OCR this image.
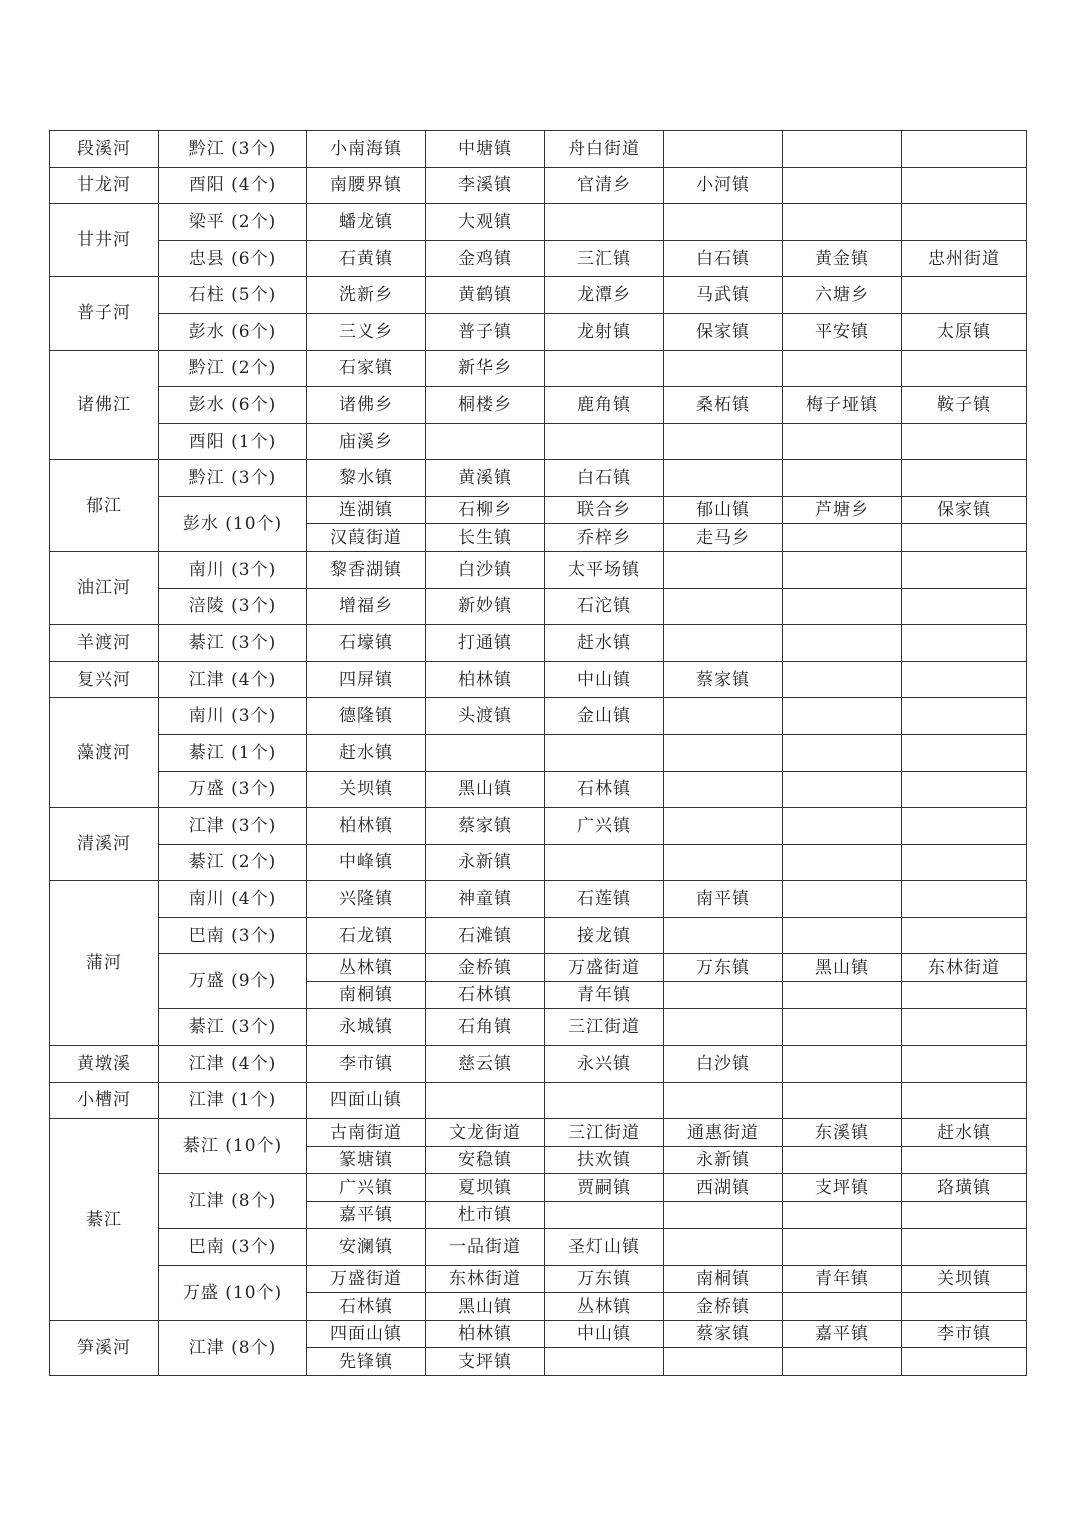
段溪河	黔江 (3个)	小南海镇	中塘镇	舟白街道			
甘龙河	酉阳 (4个)	南腰界镇	李溪镇	官清乡	小河镇		
甘井河	梁平 (2个)	蟠龙镇	大观镇				
	忠县 (6个)	石黄镇	金鸡镇	三汇镇	白石镇	黄金镇	忠州街道
普子河	石柱 (5个)	洗新乡	黄鹤镇	龙潭乡	马武镇	六塘乡	
	彭水 (6个)	三义乡	普子镇	龙射镇	保家镇	平安镇	太原镇
诸佛江	黔江 (2个)	石家镇	新华乡				
	彭水 (6个)	诸佛乡	桐楼乡	鹿角镇	桑柘镇	梅子垭镇	鞍子镇
	酉阳 (1个)	庙溪乡					
郁江	黔江 (3个)	黎水镇	黄溪镇	白石镇			
	彭水 (10个)	连湖镇	石柳乡	联合乡	郁山镇	芦塘乡	保家镇
		汉葭街道	长生镇	乔梓乡	走马乡		
油江河	南川 (3个)	黎香湖镇	白沙镇	太平场镇			
	涪陵 (3个)	增福乡	新妙镇	石沱镇			
羊渡河	綦江 (3个)	石壕镇	打通镇	赶水镇			
复兴河	江津 (4个)	四屏镇	柏林镇	中山镇	蔡家镇		
藻渡河	南川 (3个)	德隆镇	头渡镇	金山镇			
	綦江 (1个)	赶水镇					
	万盛 (3个)	关坝镇	黑山镇	石林镇			
清溪河	江津 (3个)	柏林镇	蔡家镇	广兴镇			
	綦江 (2个)	中峰镇	永新镇				
蒲河	南川 (4个)	兴隆镇	神童镇	石莲镇	南平镇		
	巴南 (3个)	石龙镇	石滩镇	接龙镇			
	万盛 (9个)	丛林镇	金桥镇	万盛街道	万东镇	黑山镇	东林街道
		南桐镇	石林镇	青年镇			
	綦江 (3个)	永城镇	石角镇	三江街道			
黄墩溪	江津 (4个)	李市镇	慈云镇	永兴镇	白沙镇		
小槽河	江津 (1个)	四面山镇					
綦江	綦江 (10个)	古南街道	文龙街道	三江街道	通惠街道	东溪镇	赶水镇
		篆塘镇	安稳镇	扶欢镇	永新镇		
	江津 (8个)	广兴镇	夏坝镇	贾嗣镇	西湖镇	支坪镇	珞璜镇
		嘉平镇	杜市镇				
	巴南 (3个)	安澜镇	一品街道	圣灯山镇			
	万盛 (10个)	万盛街道	东林街道	万东镇	南桐镇	青年镇	关坝镇
		石林镇	黑山镇	丛林镇	金桥镇		
笋溪河	江津 (8个)	四面山镇	柏林镇	中山镇	蔡家镇	嘉平镇	李市镇
		先锋镇	支坪镇				
